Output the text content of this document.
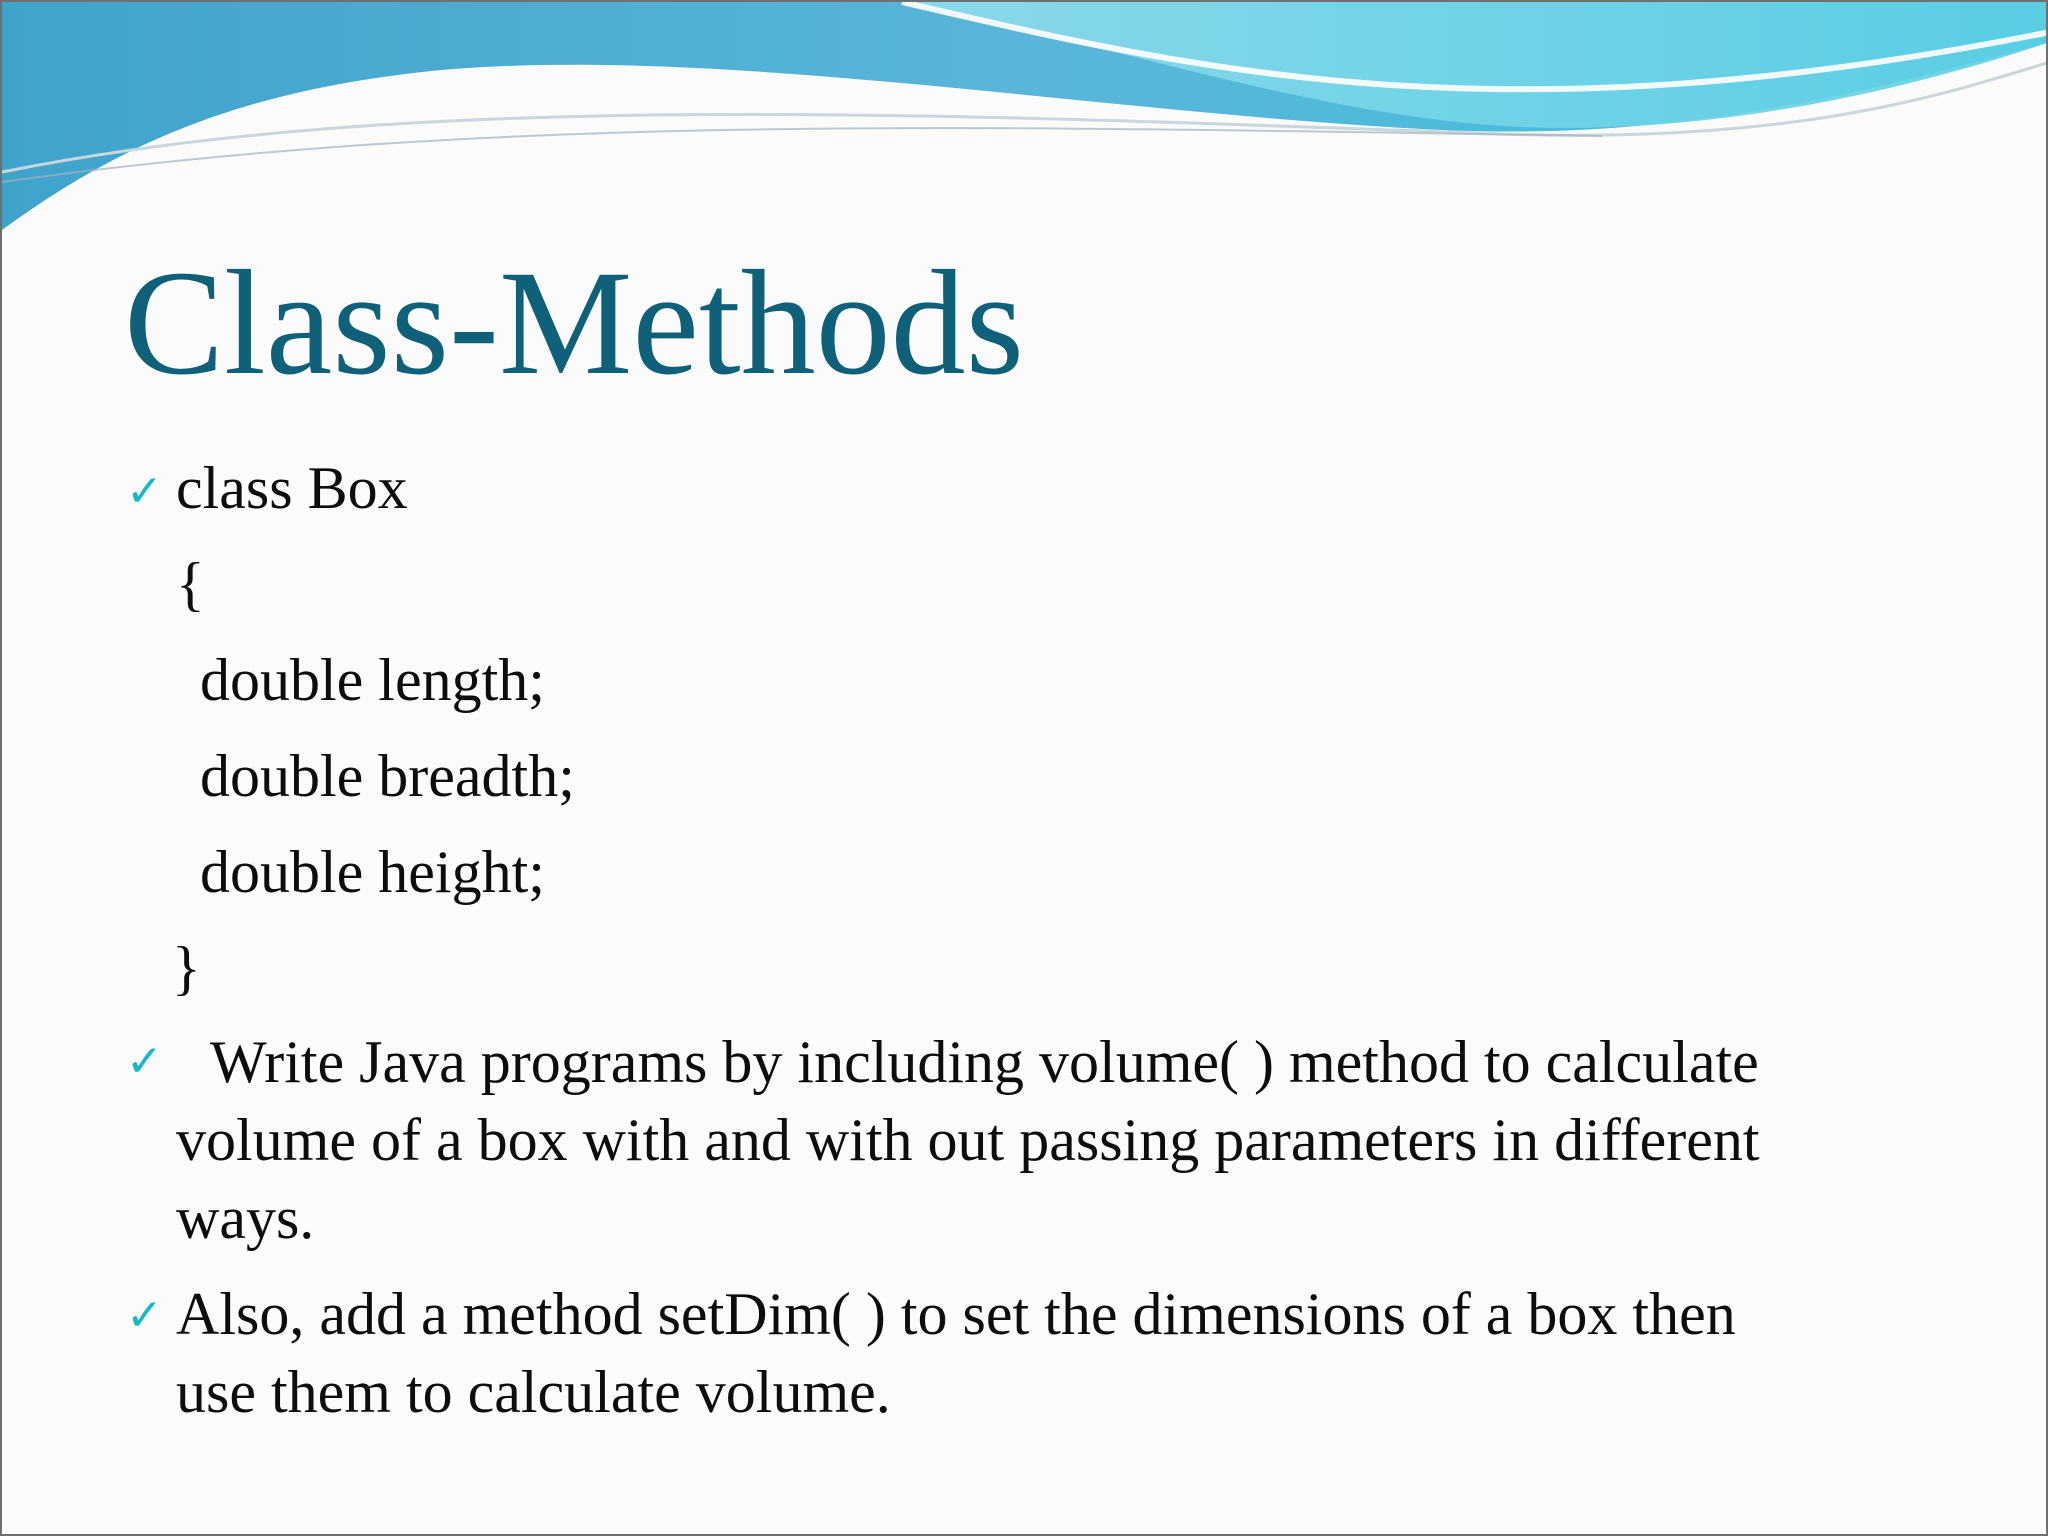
Class-Methods
✓ class Box

{

double length;

double breadth;

double height;

}

✓ Write Java programs by including volume( ) method to calculate

volume of a box with and with out passing parameters in different

ways.

✓ Also, add a method setDim( ) to set the dimensions of a box then

use them to calculate volume.
